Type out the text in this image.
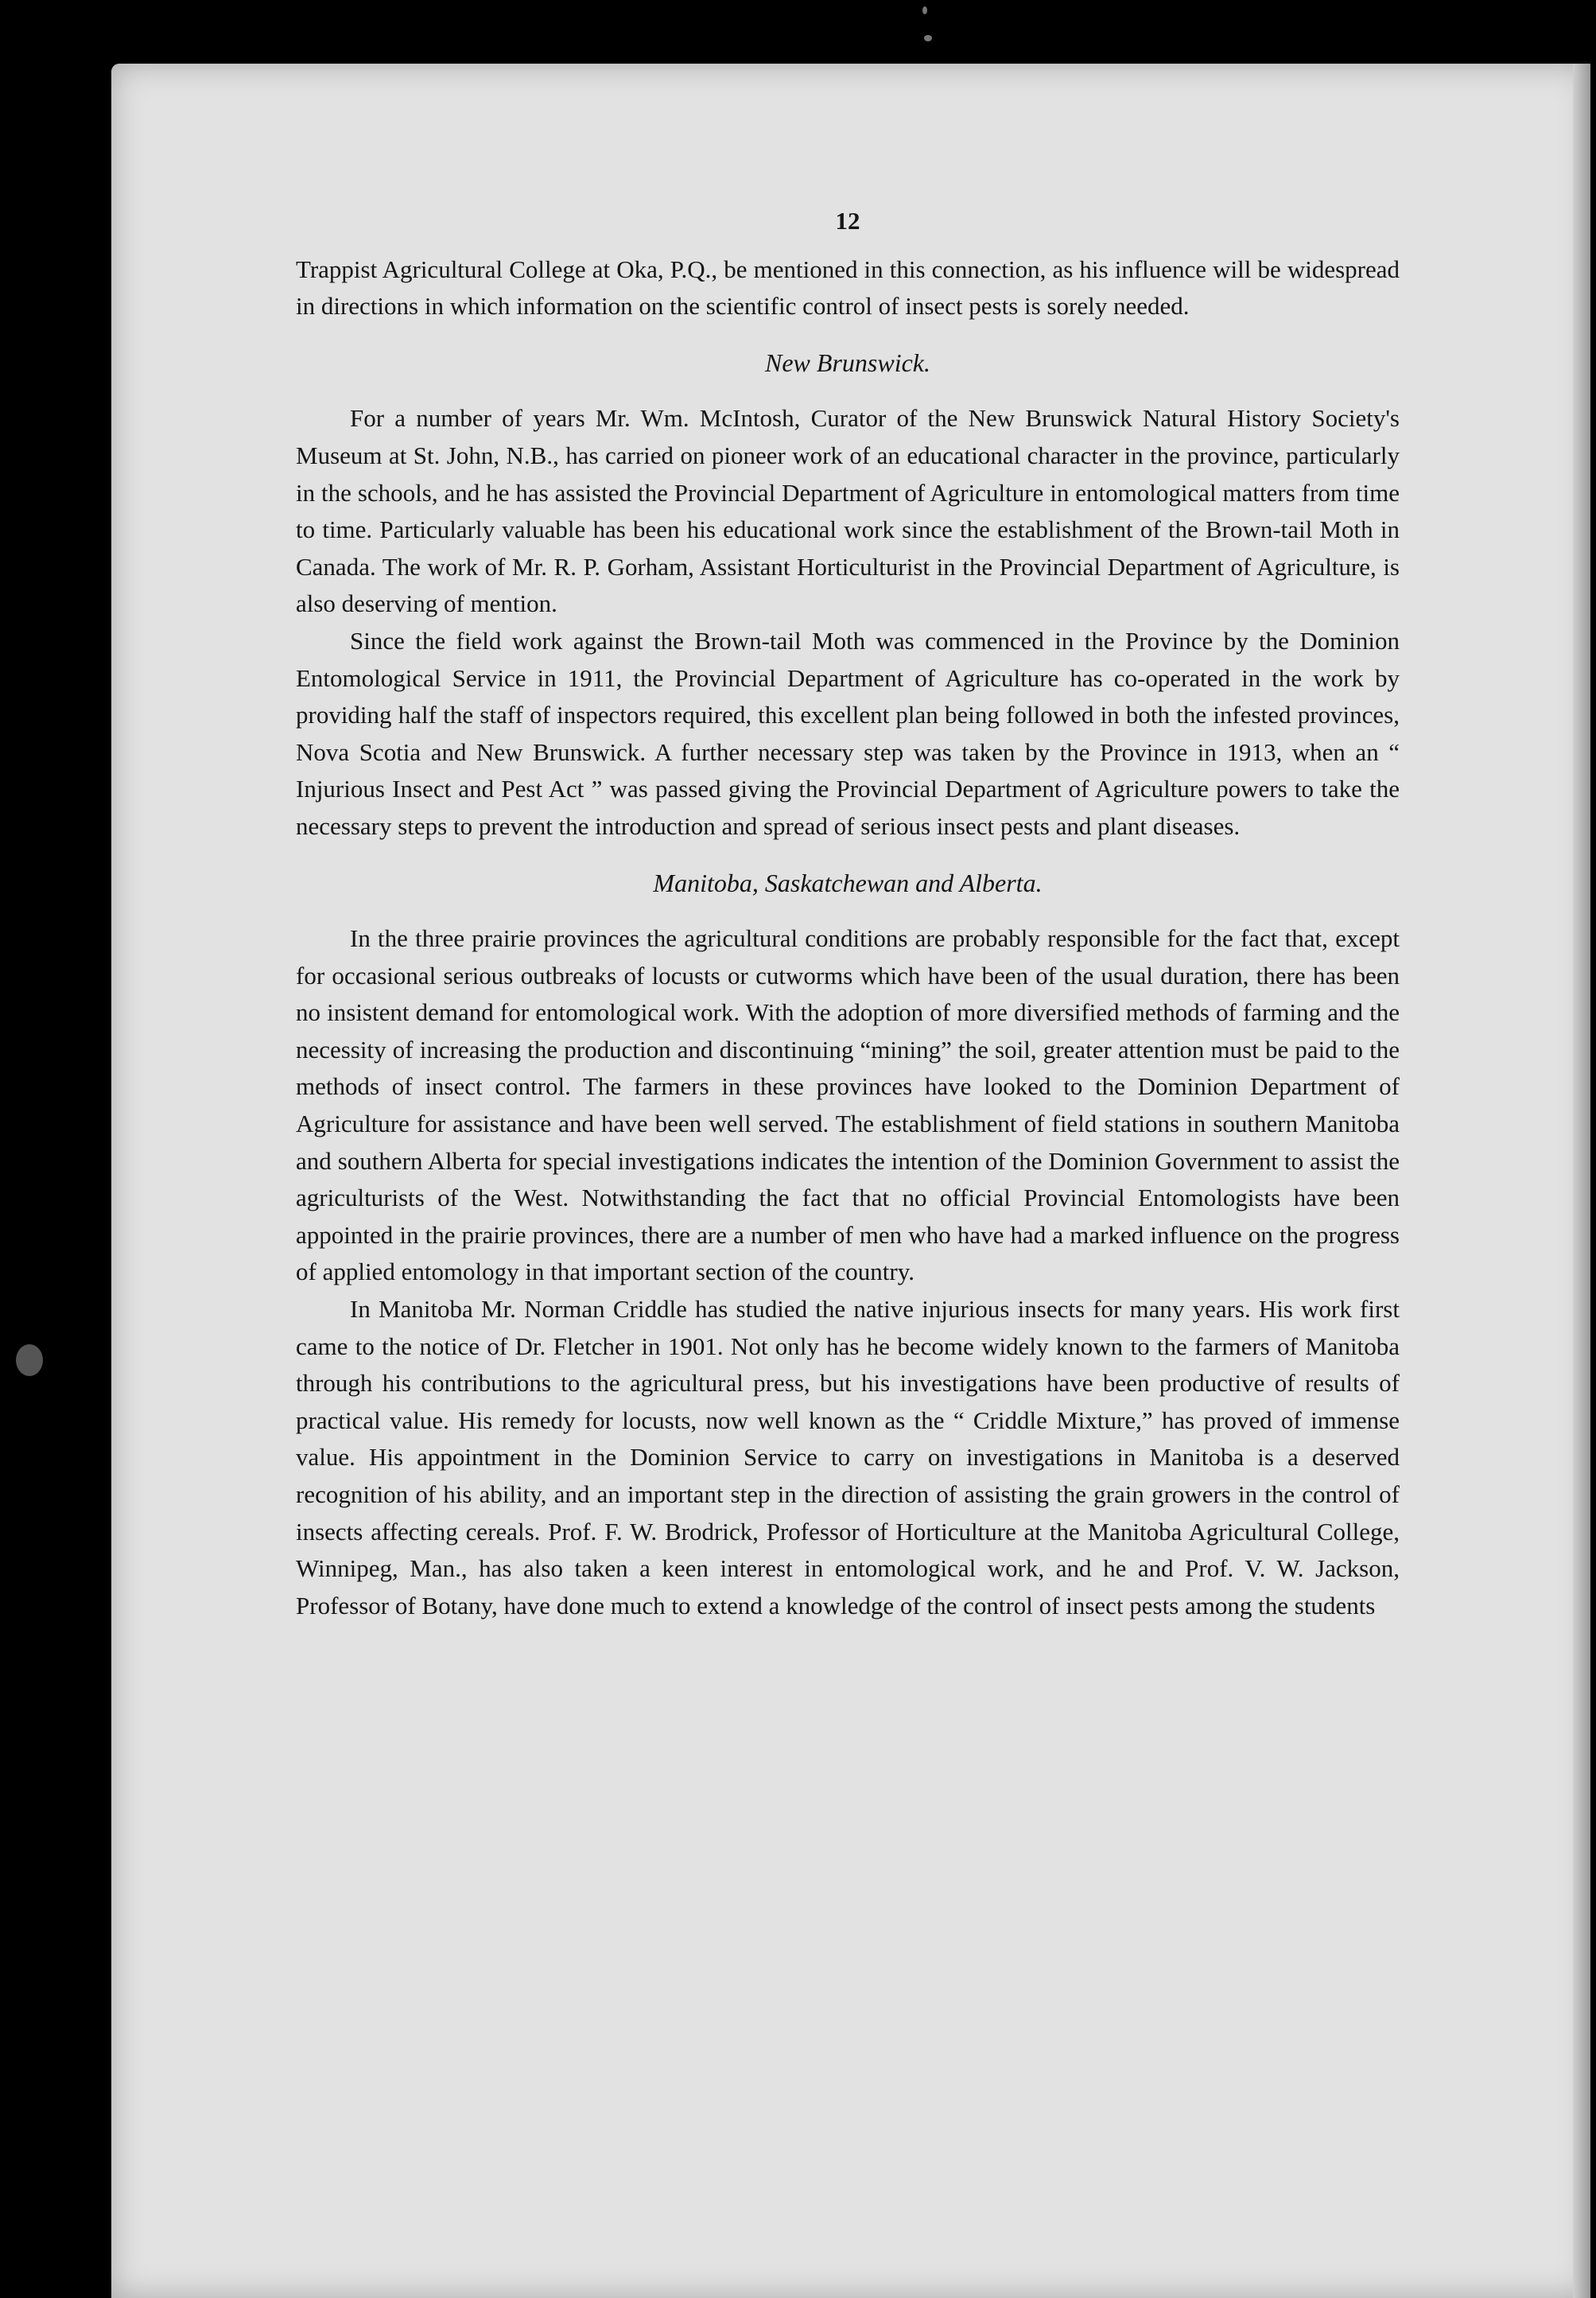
12

Trappist Agricultural College at Oka, P.Q., be mentioned in this connection, as his influence will be widespread in directions in which information on the scientific control of insect pests is sorely needed.

New Brunswick.

For a number of years Mr. Wm. McIntosh, Curator of the New Brunswick Natural History Society's Museum at St. John, N.B., has carried on pioneer work of an educational character in the province, particularly in the schools, and he has assisted the Provincial Department of Agriculture in entomological matters from time to time. Particularly valuable has been his educational work since the establishment of the Brown-tail Moth in Canada. The work of Mr. R. P. Gorham, Assistant Horticulturist in the Provincial Department of Agriculture, is also deserving of mention.

Since the field work against the Brown-tail Moth was commenced in the Province by the Dominion Entomological Service in 1911, the Provincial Department of Agriculture has co-operated in the work by providing half the staff of inspectors required, this excellent plan being followed in both the infested provinces, Nova Scotia and New Brunswick. A further necessary step was taken by the Province in 1913, when an “ Injurious Insect and Pest Act ” was passed giving the Provincial Department of Agriculture powers to take the necessary steps to prevent the introduction and spread of serious insect pests and plant diseases.

Manitoba, Saskatchewan and Alberta.

In the three prairie provinces the agricultural conditions are probably responsible for the fact that, except for occasional serious outbreaks of locusts or cutworms which have been of the usual duration, there has been no insistent demand for entomological work. With the adoption of more diversified methods of farming and the necessity of increasing the production and discontinuing “mining” the soil, greater attention must be paid to the methods of insect control. The farmers in these provinces have looked to the Dominion Department of Agriculture for assistance and have been well served. The establishment of field stations in southern Manitoba and southern Alberta for special investigations indicates the intention of the Dominion Government to assist the agriculturists of the West. Notwithstanding the fact that no official Provincial Entomologists have been appointed in the prairie provinces, there are a number of men who have had a marked influence on the progress of applied entomology in that important section of the country.

In Manitoba Mr. Norman Criddle has studied the native injurious insects for many years. His work first came to the notice of Dr. Fletcher in 1901. Not only has he become widely known to the farmers of Manitoba through his contributions to the agricultural press, but his investigations have been productive of results of practical value. His remedy for locusts, now well known as the “ Criddle Mixture,” has proved of immense value. His appointment in the Dominion Service to carry on investigations in Manitoba is a deserved recognition of his ability, and an important step in the direction of assisting the grain growers in the control of insects affecting cereals. Prof. F. W. Brodrick, Professor of Horticulture at the Manitoba Agricultural College, Winnipeg, Man., has also taken a keen interest in entomological work, and he and Prof. V. W. Jackson, Professor of Botany, have done much to extend a knowledge of the control of insect pests among the students
